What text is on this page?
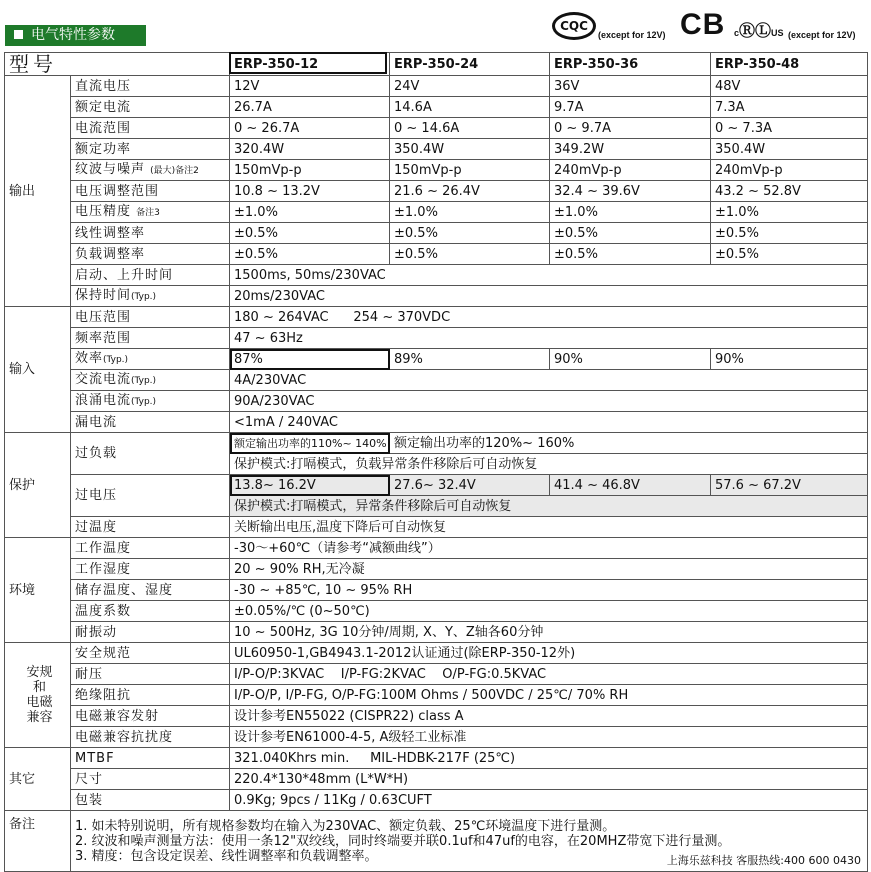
电气特性参数
CQC
(except for 12V) CB cⓇⓁUS (except for 12V)
型号		ERP-350-12	ERP-350-24	ERP-350-36	ERP-350-48
输出	直流电压	12V	24V	36V	48V
	额定电流	26.7A	14.6A	9.7A	7.3A
	电流范围	0 ~ 26.7A	0 ~ 14.6A	0 ~ 9.7A	0 ~ 7.3A
	额定功率	320.4W	350.4W	349.2W	350.4W
	纹波与噪声 (最大)备注2	150mVp-p	150mVp-p	240mVp-p	240mVp-p
	电压调整范围	10.8 ~ 13.2V	21.6 ~ 26.4V	32.4 ~ 39.6V	43.2 ~ 52.8V
	电压精度 备注3	±1.0%	±1.0%	±1.0%	±1.0%
	线性调整率	±0.5%	±0.5%	±0.5%	±0.5%
	负载调整率	±0.5%	±0.5%	±0.5%	±0.5%
	启动、上升时间	1500ms, 50ms/230VAC			
	保持时间(Typ.)	20ms/230VAC			
输入	电压范围	180 ~ 264VAC      254 ~ 370VDC			
	频率范围	47 ~ 63Hz			
	效率(Typ.)	87%	89%	90%	90%
	交流电流(Typ.)	4A/230VAC			
	浪涌电流(Typ.)	90A/230VAC			
	漏电流	<1mA / 240VAC			
保护	过负载	额定输出功率的110%~ 140%	额定输出功率的120%~ 160%		
		保护模式:打嗝模式，负载异常条件移除后可自动恢复			
	过电压	13.8~ 16.2V	27.6~ 32.4V	41.4 ~ 46.8V	57.6 ~ 67.2V
		保护模式:打嗝模式，异常条件移除后可自动恢复			
	过温度	关断输出电压,温度下降后可自动恢复			
环境	工作温度	-30～+60℃（请参考“减额曲线”）			
	工作湿度	20 ~ 90% RH,无冷凝			
	储存温度、湿度	-30 ~ +85℃, 10 ~ 95% RH			
	温度系数	±0.05%/℃ (0~50℃)			
	耐振动	10 ~ 500Hz, 3G 10分钟/周期, X、Y、Z轴各60分钟			

安规
和
电磁
兼容	安全规范	UL60950-1,GB4943.1-2012认证通过(除ERP-350-12外)			
	耐压	I/P-O/P:3KVAC    I/P-FG:2KVAC    O/P-FG:0.5KVAC			
	绝缘阻抗	I/P-O/P, I/P-FG, O/P-FG:100M Ohms / 500VDC / 25℃/ 70% RH			
	电磁兼容发射	设计参考EN55022 (CISPR22) class A			
	电磁兼容抗扰度	设计参考EN61000-4-5, A级轻工业标准			
其它	MTBF	321.040Khrs min.     MIL-HDBK-217F (25℃)			
	尺寸	220.4*130*48mm (L*W*H)			
	包装	0.9Kg; 9pcs / 11Kg / 0.63CUFT			
备注	1. 如未特别说明，所有规格参数均在输入为230VAC、额定负载、25℃环境温度下进行量测。
2. 纹波和噪声测量方法：使用一条12"双绞线，同时终端要并联0.1uf和47uf的电容，在20MHZ带宽下进行量测。
3. 精度：包含设定误差、线性调整率和负载调整率。 上海乐兹科技 客服热线:400 600 0430				
